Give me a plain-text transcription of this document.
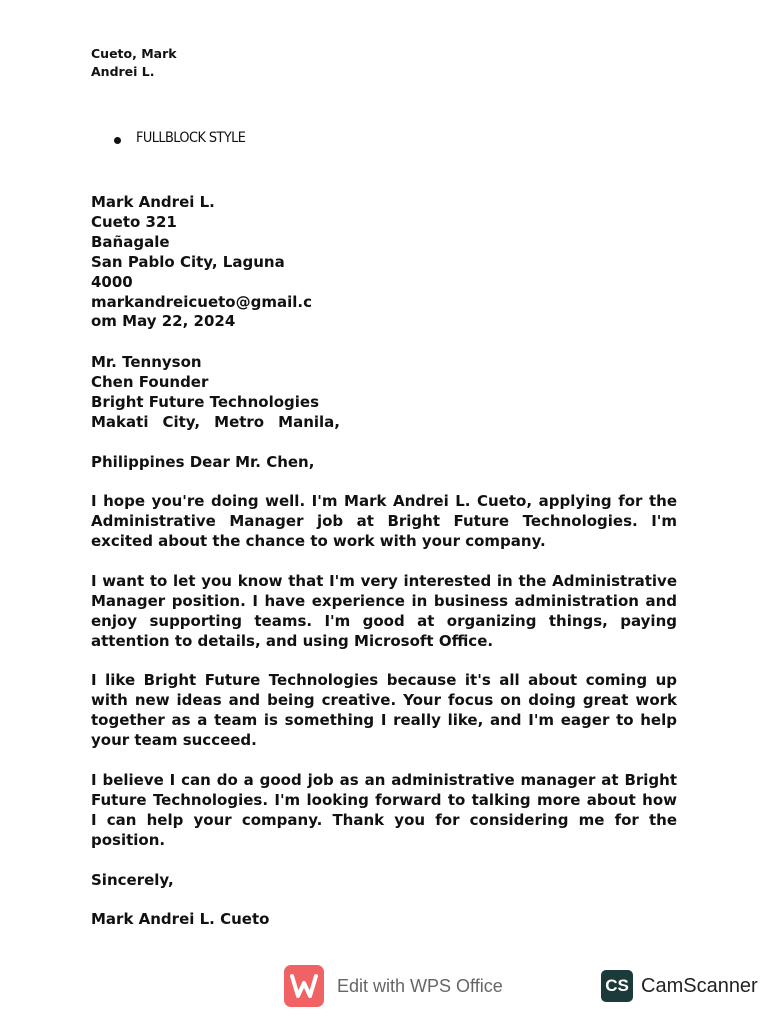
Cueto, Mark
Andrei L.
FULLBLOCK STYLE
Mark Andrei L.
Cueto 321
Bañagale
San Pablo City, Laguna
4000
markandreicueto@gmail.c
om May 22, 2024
Mr. Tennyson
Chen Founder
Bright Future Technologies
Makati City, Metro Manila,
Philippines Dear Mr. Chen,
I hope you're doing well. I'm Mark Andrei L. Cueto, applying for the Administrative Manager job at Bright Future Technologies. I'm excited about the chance to work with your company.
I want to let you know that I'm very interested in the Administrative Manager position. I have experience in business administration and enjoy supporting teams. I'm good at organizing things, paying attention to details, and using Microsoft Office.
I like Bright Future Technologies because it's all about coming up with new ideas and being creative. Your focus on doing great work together as a team is something I really like, and I'm eager to help your team succeed.
I believe I can do a good job as an administrative manager at Bright Future Technologies. I'm looking forward to talking more about how I can help your company. Thank you for considering me for the position.
Sincerely,
Mark Andrei L. Cueto
Edit with WPS Office	CS CamScanner
